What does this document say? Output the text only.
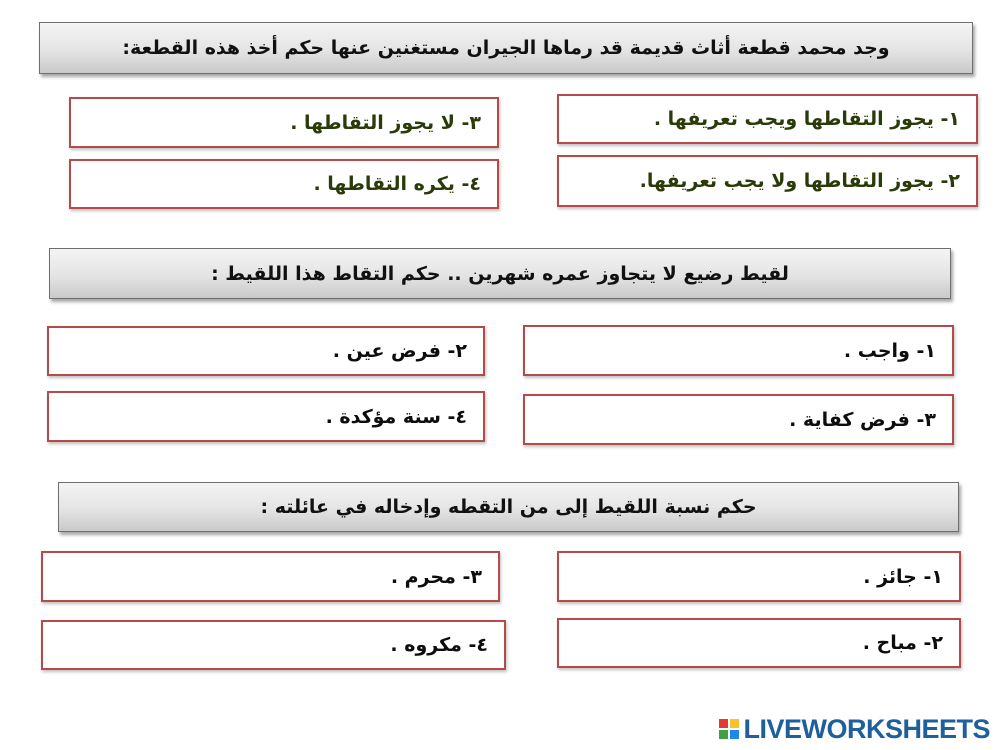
وجد محمد قطعة أثاث قديمة قد رماها الجيران مستغنين عنها حكم أخذ هذه القطعة:
١- يجوز التقاطها ويجب تعريفها .
٢- يجوز التقاطها ولا يجب تعريفها.
٣- لا يجوز التقاطها .
٤- يكره التقاطها .
لقيط رضيع لا يتجاوز عمره شهرين .. حكم التقاط هذا اللقيط :
١- واجب .
٢- فرض عين .
٣- فرض كفاية .
٤- سنة مؤكدة .
حكم نسبة اللقيط إلى من التقطه وإدخاله في عائلته :
١- جائز .
٢- مباح .
٣- محرم .
٤- مكروه .
LIVEWORKSHEETS
